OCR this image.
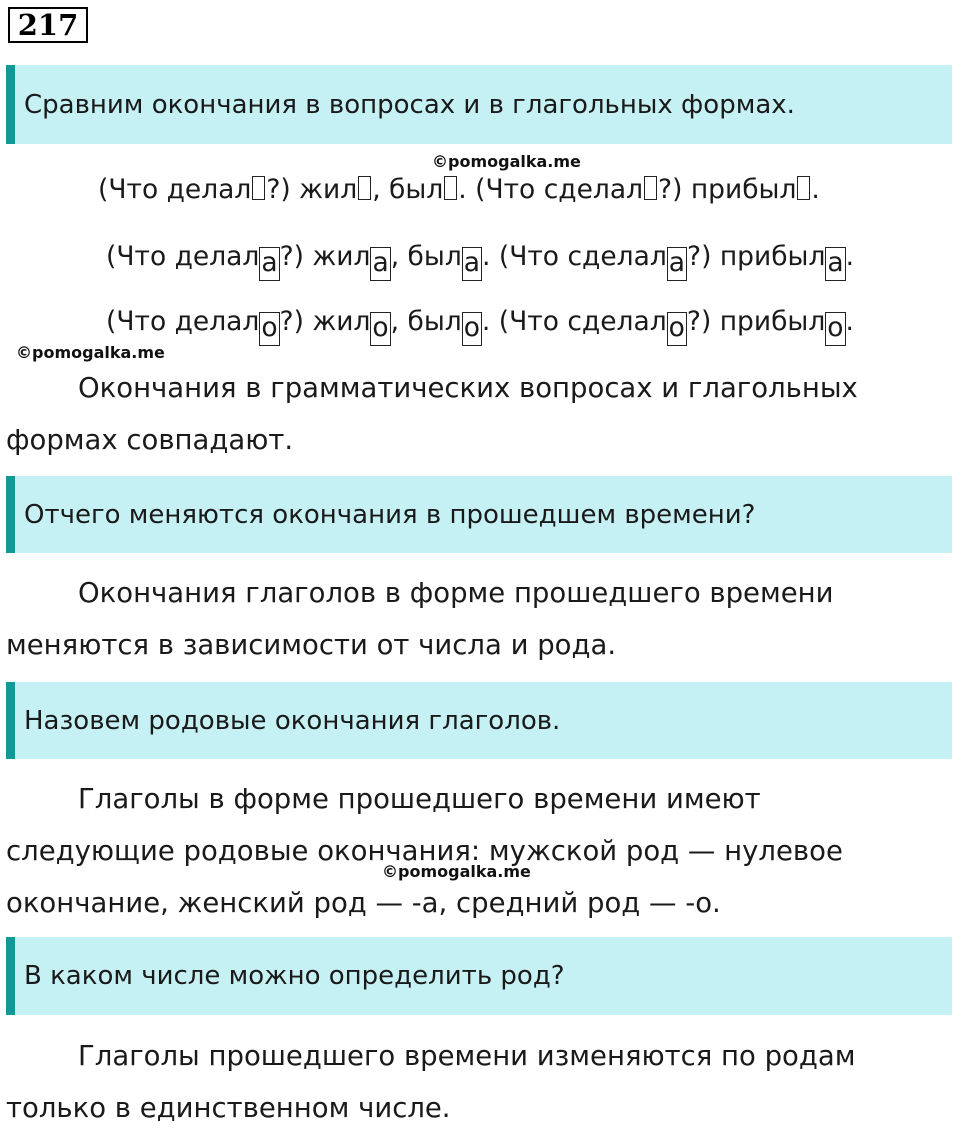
217
Сравним окончания в вопросах и в глагольных формах.
©pomogalka.me
(Что делал ?) жил , был . (Что сделал ?) прибыл .
(Что делала?) жила, была. (Что сделала?) прибыла.
(Что делало?) жило, было. (Что сделало?) прибыло.
©pomogalka.me
Окончания в грамматических вопросах и глагольных
формах совпадают.
Отчего меняются окончания в прошедшем времени?
Окончания глаголов в форме прошедшего времени
меняются в зависимости от числа и рода.
Назовем родовые окончания глаголов.
Глаголы в форме прошедшего времени имеют
следующие родовые окончания: мужской род — нулевое
окончание, женский род — -а, средний род — -о.
©pomogalka.me
В каком числе можно определить род?
Глаголы прошедшего времени изменяются по родам
только в единственном числе.
